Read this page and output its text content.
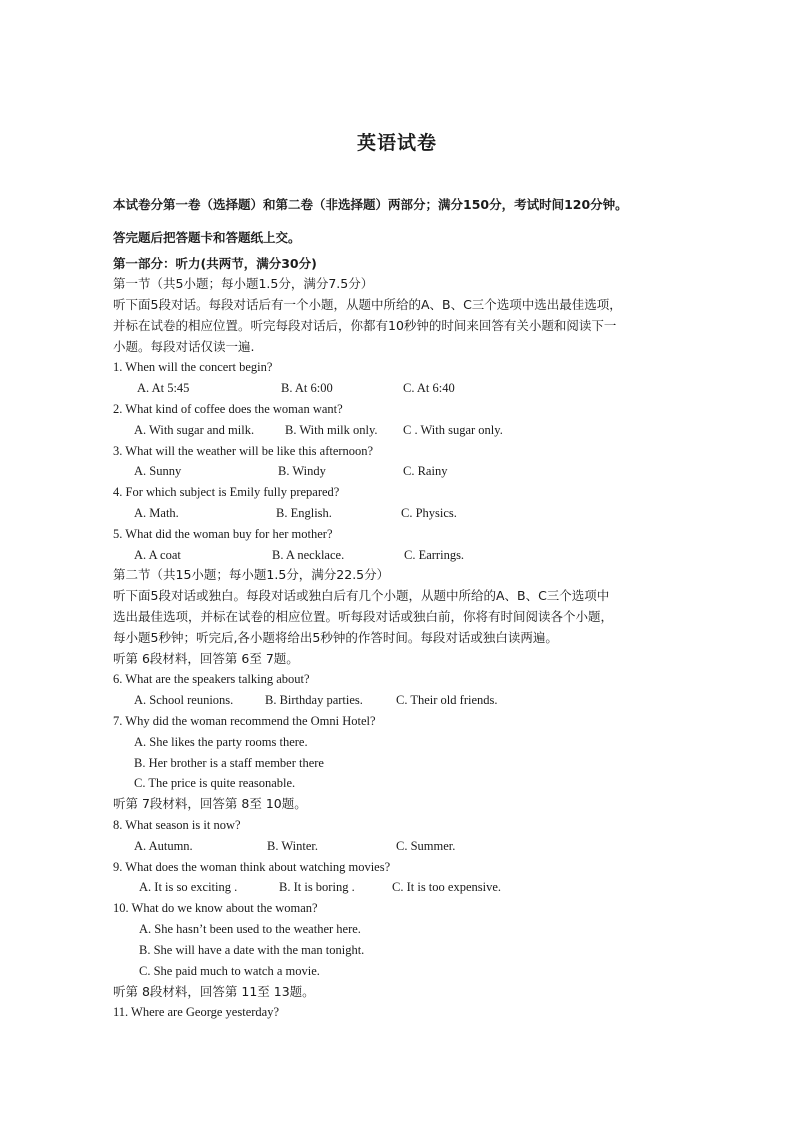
英语试卷
本试卷分第一卷（选择题）和第二卷（非选择题）两部分；满分150分，考试时间120分钟。
答完题后把答题卡和答题纸上交。
第一部分：听力(共两节，满分30分)
第一节（共5小题；每小题1.5分，满分7.5分）
听下面5段对话。每段对话后有一个小题，从题中所给的A、B、C三个选项中选出最佳选项，
并标在试卷的相应位置。听完每段对话后，你都有10秒钟的时间来回答有关小题和阅读下一
小题。每段对话仅读一遍.
1. When will the concert begin?
A. At 5:45	B. At 6:00	C. At 6:40
2. What kind of coffee does the woman want?
A. With sugar and milk. B. With milk only. C . With sugar only.
3. What will the weather will be like this afternoon?
A. Sunny	B. Windy	C. Rainy
4. For which subject is Emily fully prepared?
A. Math.	B. English.	C. Physics.
5. What did the woman buy for her mother?
A. A coat	B. A necklace.	C. Earrings.
第二节（共15小题；每小题1.5分，满分22.5分）
听下面5段对话或独白。每段对话或独白后有几个小题，从题中所给的A、B、C三个选项中
选出最佳选项，并标在试卷的相应位置。听每段对话或独白前，你将有时间阅读各个小题，
每小题5秒钟；听完后,各小题将给出5秒钟的作答时间。每段对话或独白读两遍。
听第 6段材料，回答第 6至 7题。
6. What are the speakers talking about?
A. School reunions.	B. Birthday parties.	C. Their old friends.
7. Why did the woman recommend the Omni Hotel?
A. She likes the party rooms there.
B. Her brother is a staff member there
C. The price is quite reasonable.
听第 7段材料，回答第 8至 10题。
8. What season is it now?
A. Autumn.	B. Winter.	C. Summer.
9. What does the woman think about watching movies?
A. It is so exciting .	B. It is boring .	C. It is too expensive.
10. What do we know about the woman?
A. She hasn’t been used to the weather here.
B. She will have a date with the man tonight.
C. She paid much to watch a movie.
听第 8段材料，回答第 11至 13题。
11. Where are George yesterday?
